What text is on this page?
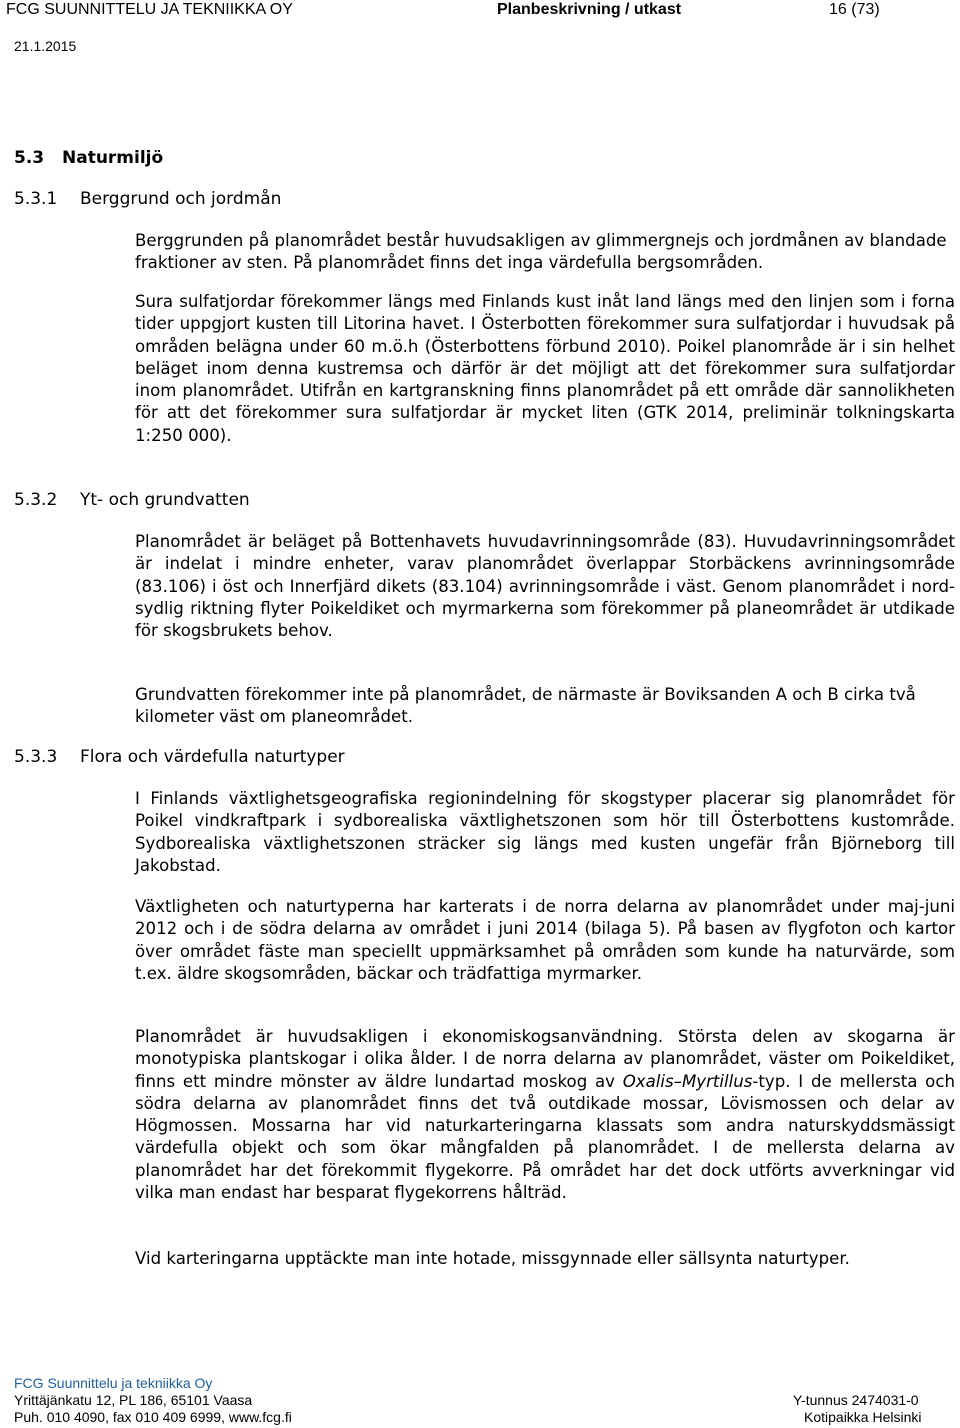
FCG SUUNNITTELU JA TEKNIIKKA OY	Planbeskrivning / utkast	16 (73)
21.1.2015
5.3 Naturmiljö
5.3.1 Berggrund och jordmån
Berggrunden på planområdet består huvudsakligen av glimmergnejs och jordmånen av blandade fraktioner av sten. På planområdet finns det inga värdefulla bergsområden.
Sura sulfatjordar förekommer längs med Finlands kust inåt land längs med den linjen som i forna tider uppgjort kusten till Litorina havet. I Österbotten förekommer sura sulfatjordar i huvudsak på områden belägna under 60 m.ö.h (Österbottens förbund 2010). Poikel planområde är i sin helhet beläget inom denna kustremsa och därför är det möjligt att det förekommer sura sulfatjordar inom planområdet. Utifrån en kartgranskning finns planområdet på ett område där sannolikheten för att det förekommer sura sulfatjordar är mycket liten (GTK 2014, preliminär tolkningskarta 1:250 000).
5.3.2 Yt- och grundvatten
Planområdet är beläget på Bottenhavets huvudavrinningsområde (83). Huvudavrinningsområdet är indelat i mindre enheter, varav planområdet överlappar Storbäckens avrinningsområde (83.106) i öst och Innerfjärd dikets (83.104) avrinningsområde i väst. Genom planområdet i nord-sydlig riktning flyter Poikeldiket och myrmarkerna som förekommer på planeområdet är utdikade för skogsbrukets behov.
Grundvatten förekommer inte på planområdet, de närmaste är Boviksanden A och B cirka två kilometer väst om planeområdet.
5.3.3 Flora och värdefulla naturtyper
I Finlands växtlighetsgeografiska regionindelning för skogstyper placerar sig planområdet för Poikel vindkraftpark i sydborealiska växtlighetszonen som hör till Österbottens kustområde. Sydborealiska växtlighetszonen sträcker sig längs med kusten ungefär från Björneborg till Jakobstad.
Växtligheten och naturtyperna har karterats i de norra delarna av planområdet under maj-juni 2012 och i de södra delarna av området i juni 2014 (bilaga 5). På basen av flygfoton och kartor över området fäste man speciellt uppmärksamhet på områden som kunde ha naturvärde, som t.ex. äldre skogsområden, bäckar och trädfattiga myrmarker.
Planområdet är huvudsakligen i ekonomiskogsanvändning. Största delen av skogarna är monotypiska plantskogar i olika ålder. I de norra delarna av planområdet, väster om Poikeldiket, finns ett mindre mönster av äldre lundartad moskog av Oxalis–Myrtillus-typ. I de mellersta och södra delarna av planområdet finns det två outdikade mossar, Lövismossen och delar av Högmossen. Mossarna har vid naturkarteringarna klassats som andra naturskyddsmässigt värdefulla objekt och som ökar mångfalden på planområdet. I de mellersta delarna av planområdet har det förekommit flygekorre. På området har det dock utförts avverkningar vid vilka man endast har besparat flygekorrens hålträd.
Vid karteringarna upptäckte man inte hotade, missgynnade eller sällsynta naturtyper.
FCG Suunnittelu ja tekniikka Oy
Yrittäjänkatu 12, PL 186, 65101 Vaasa
Puh. 010 4090, fax 010 409 6999, www.fcg.fi
Y-tunnus 2474031-0
Kotipaikka Helsinki
